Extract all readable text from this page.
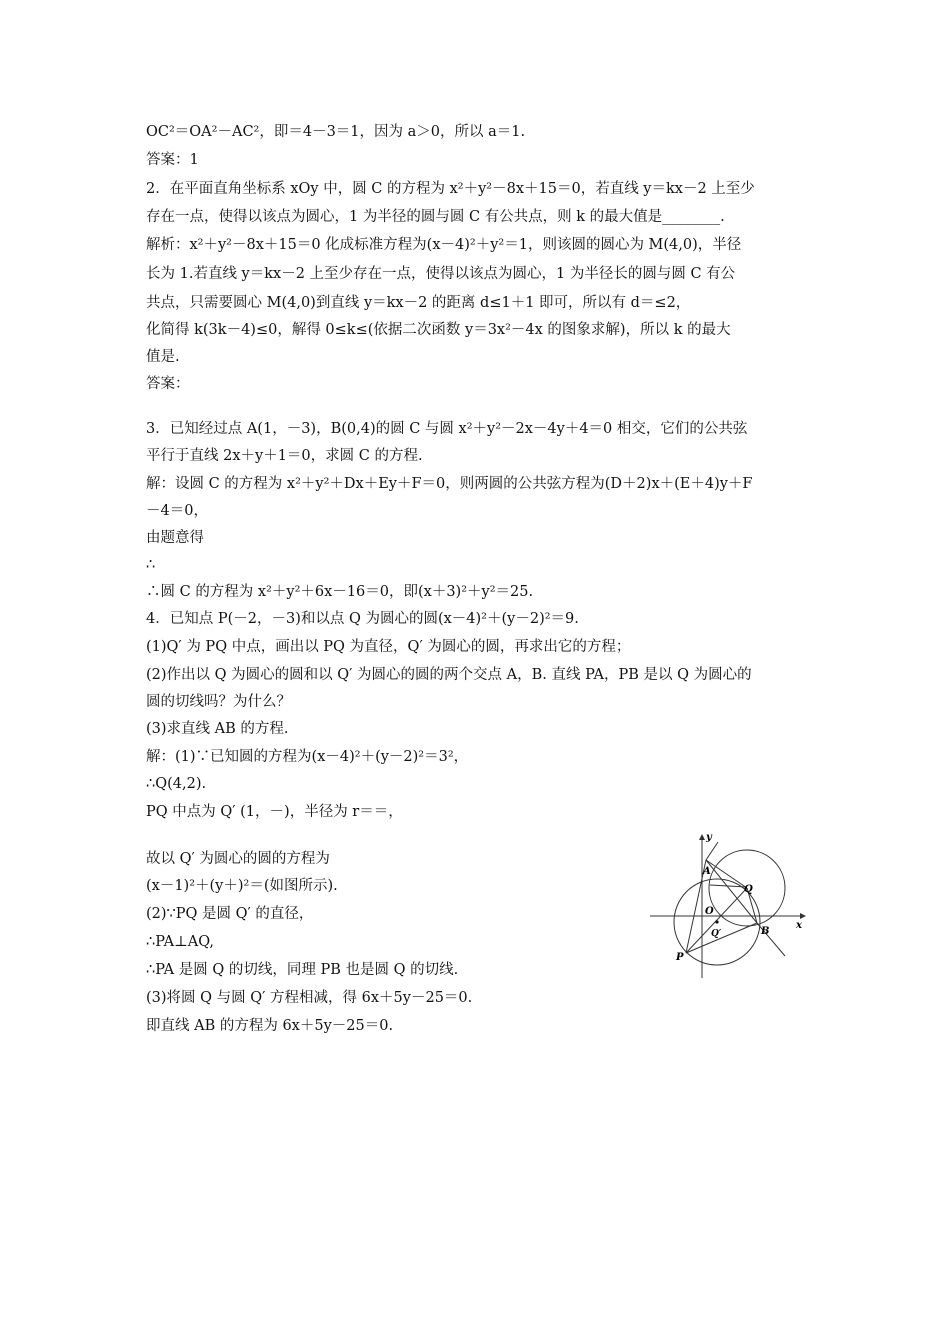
OC²＝OA²－AC²，即＝4－3＝1，因为 a＞0，所以 a＝1.
答案：1
2．在平面直角坐标系 xOy 中，圆 C 的方程为 x²＋y²－8x＋15＝0，若直线 y＝kx－2 上至少
存在一点，使得以该点为圆心，1 为半径的圆与圆 C 有公共点，则 k 的最大值是________.
解析：x²＋y²－8x＋15＝0 化成标准方程为(x－4)²＋y²＝1，则该圆的圆心为 M(4,0)，半径
长为 1.若直线 y＝kx－2 上至少存在一点，使得以该点为圆心，1 为半径长的圆与圆 C 有公
共点，只需要圆心 M(4,0)到直线 y＝kx－2 的距离 d≤1＋1 即可，所以有 d＝≤2，
化简得 k(3k－4)≤0，解得 0≤k≤(依据二次函数 y＝3x²－4x 的图象求解)，所以 k 的最大
值是.
答案：
3．已知经过点 A(1，－3)，B(0,4)的圆 C 与圆 x²＋y²－2x－4y＋4＝0 相交，它们的公共弦
平行于直线 2x＋y＋1＝0，求圆 C 的方程.
解：设圆 C 的方程为 x²＋y²＋Dx＋Ey＋F＝0，则两圆的公共弦方程为(D＋2)x＋(E＋4)y＋F
－4＝0，
由题意得
∴
∴圆 C 的方程为 x²＋y²＋6x－16＝0，即(x＋3)²＋y²＝25.
4．已知点 P(－2，－3)和以点 Q 为圆心的圆(x－4)²＋(y－2)²＝9.
(1)Q′ 为 PQ 中点，画出以 PQ 为直径，Q′ 为圆心的圆，再求出它的方程；
(2)作出以 Q 为圆心的圆和以 Q′ 为圆心的圆的两个交点 A，B. 直线 PA，PB 是以 Q 为圆心的
圆的切线吗？为什么？
(3)求直线 AB 的方程.
解：(1)∵已知圆的方程为(x－4)²＋(y－2)²＝3²，
∴Q(4,2).
PQ 中点为 Q′ (1，－)，半径为 r＝＝，
故以 Q′ 为圆心的圆的方程为
(x－1)²＋(y＋)²＝(如图所示).
(2)∵PQ 是圆 Q′ 的直径，
∴PA⊥AQ,
∴PA 是圆 Q 的切线，同理 PB 也是圆 Q 的切线.
(3)将圆 Q 与圆 Q′ 方程相减，得 6x＋5y－25＝0.
即直线 AB 的方程为 6x＋5y－25＝0.
y
x
A
Q
O
Q′	B
P
